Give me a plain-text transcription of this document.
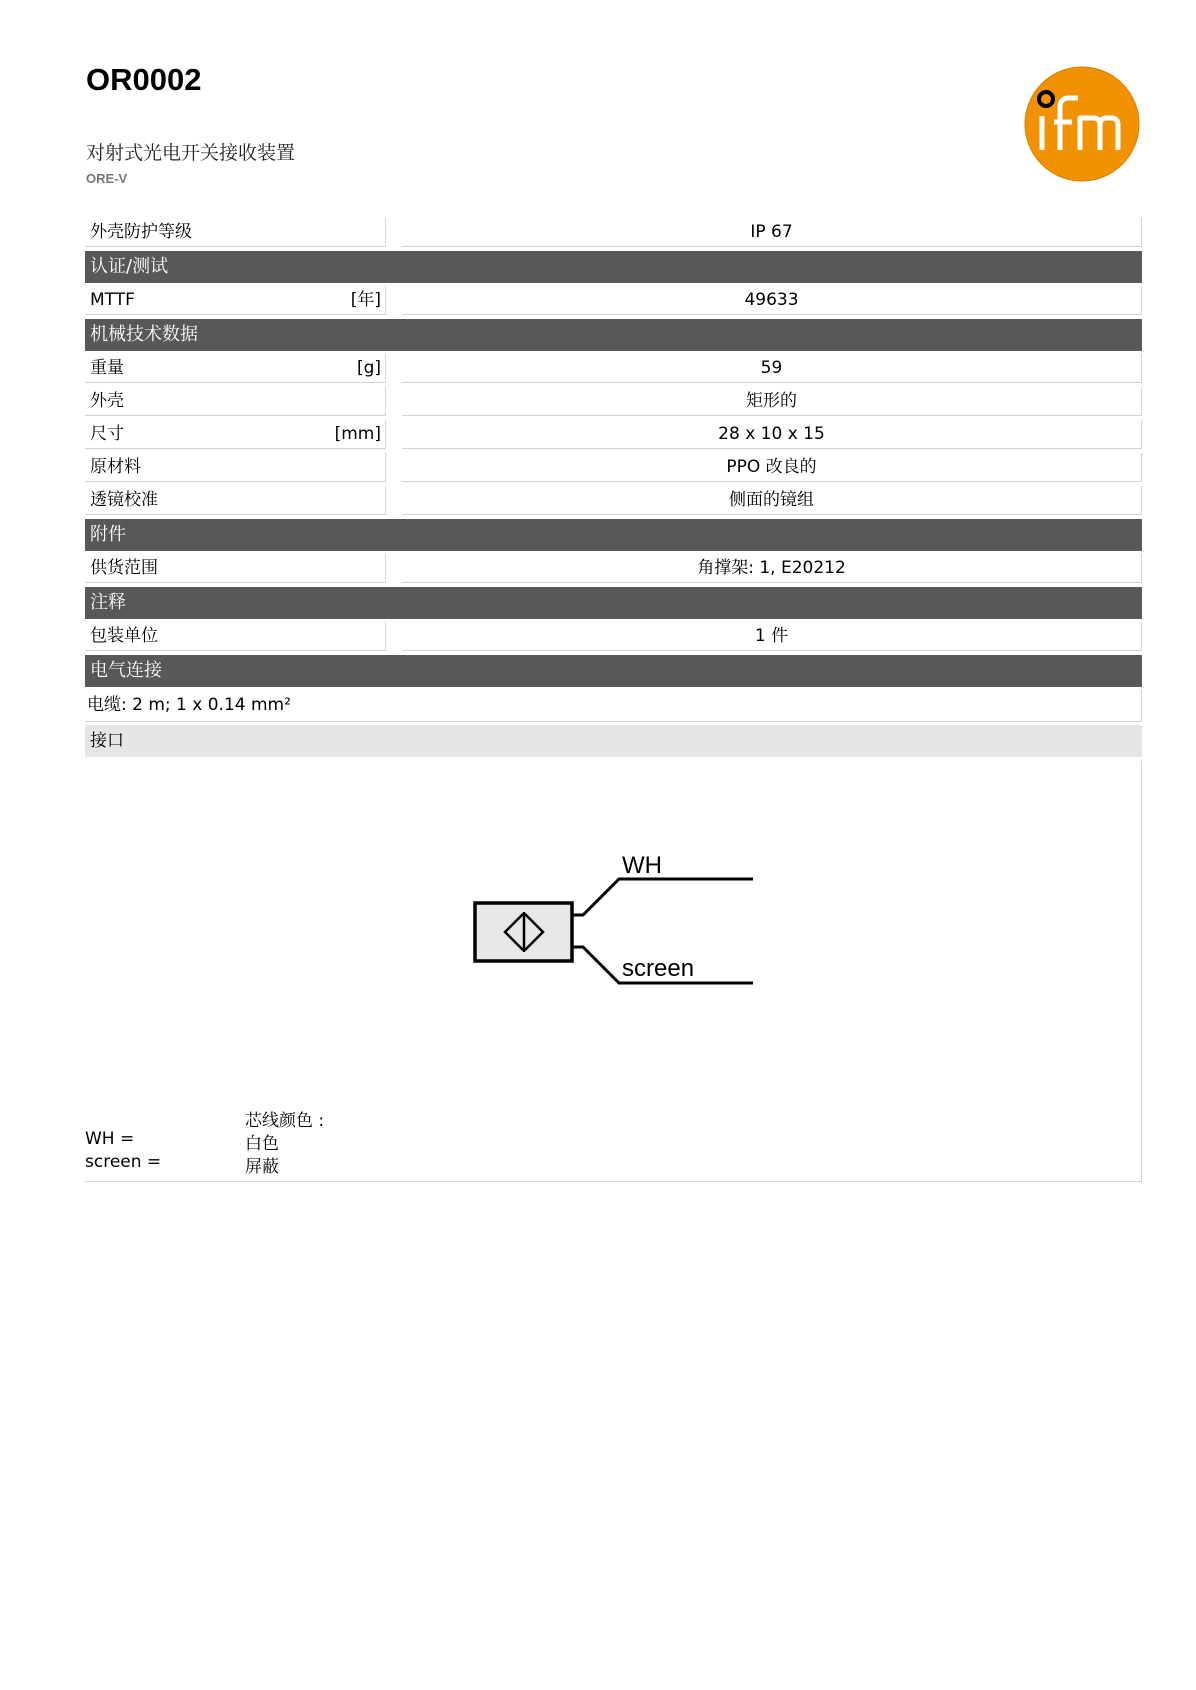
OR0002
对射式光电开关接收装置
ORE-V
外壳防护等级	IP 67
认证/测试
MTTF	[年]	49633
机械技术数据
重量	[g]	59
外壳	矩形的
尺寸	[mm]	28 x 10 x 15
原材料	PPO 改良的
透镜校准	侧面的镜组
附件
供货范围	角撑架: 1, E20212
注释
包装单位	1 件
电气连接
电缆: 2 m; 1 x 0.14 mm²
接口
WH
screen
芯线颜色 :
WH =	白色
screen =	屏蔽
